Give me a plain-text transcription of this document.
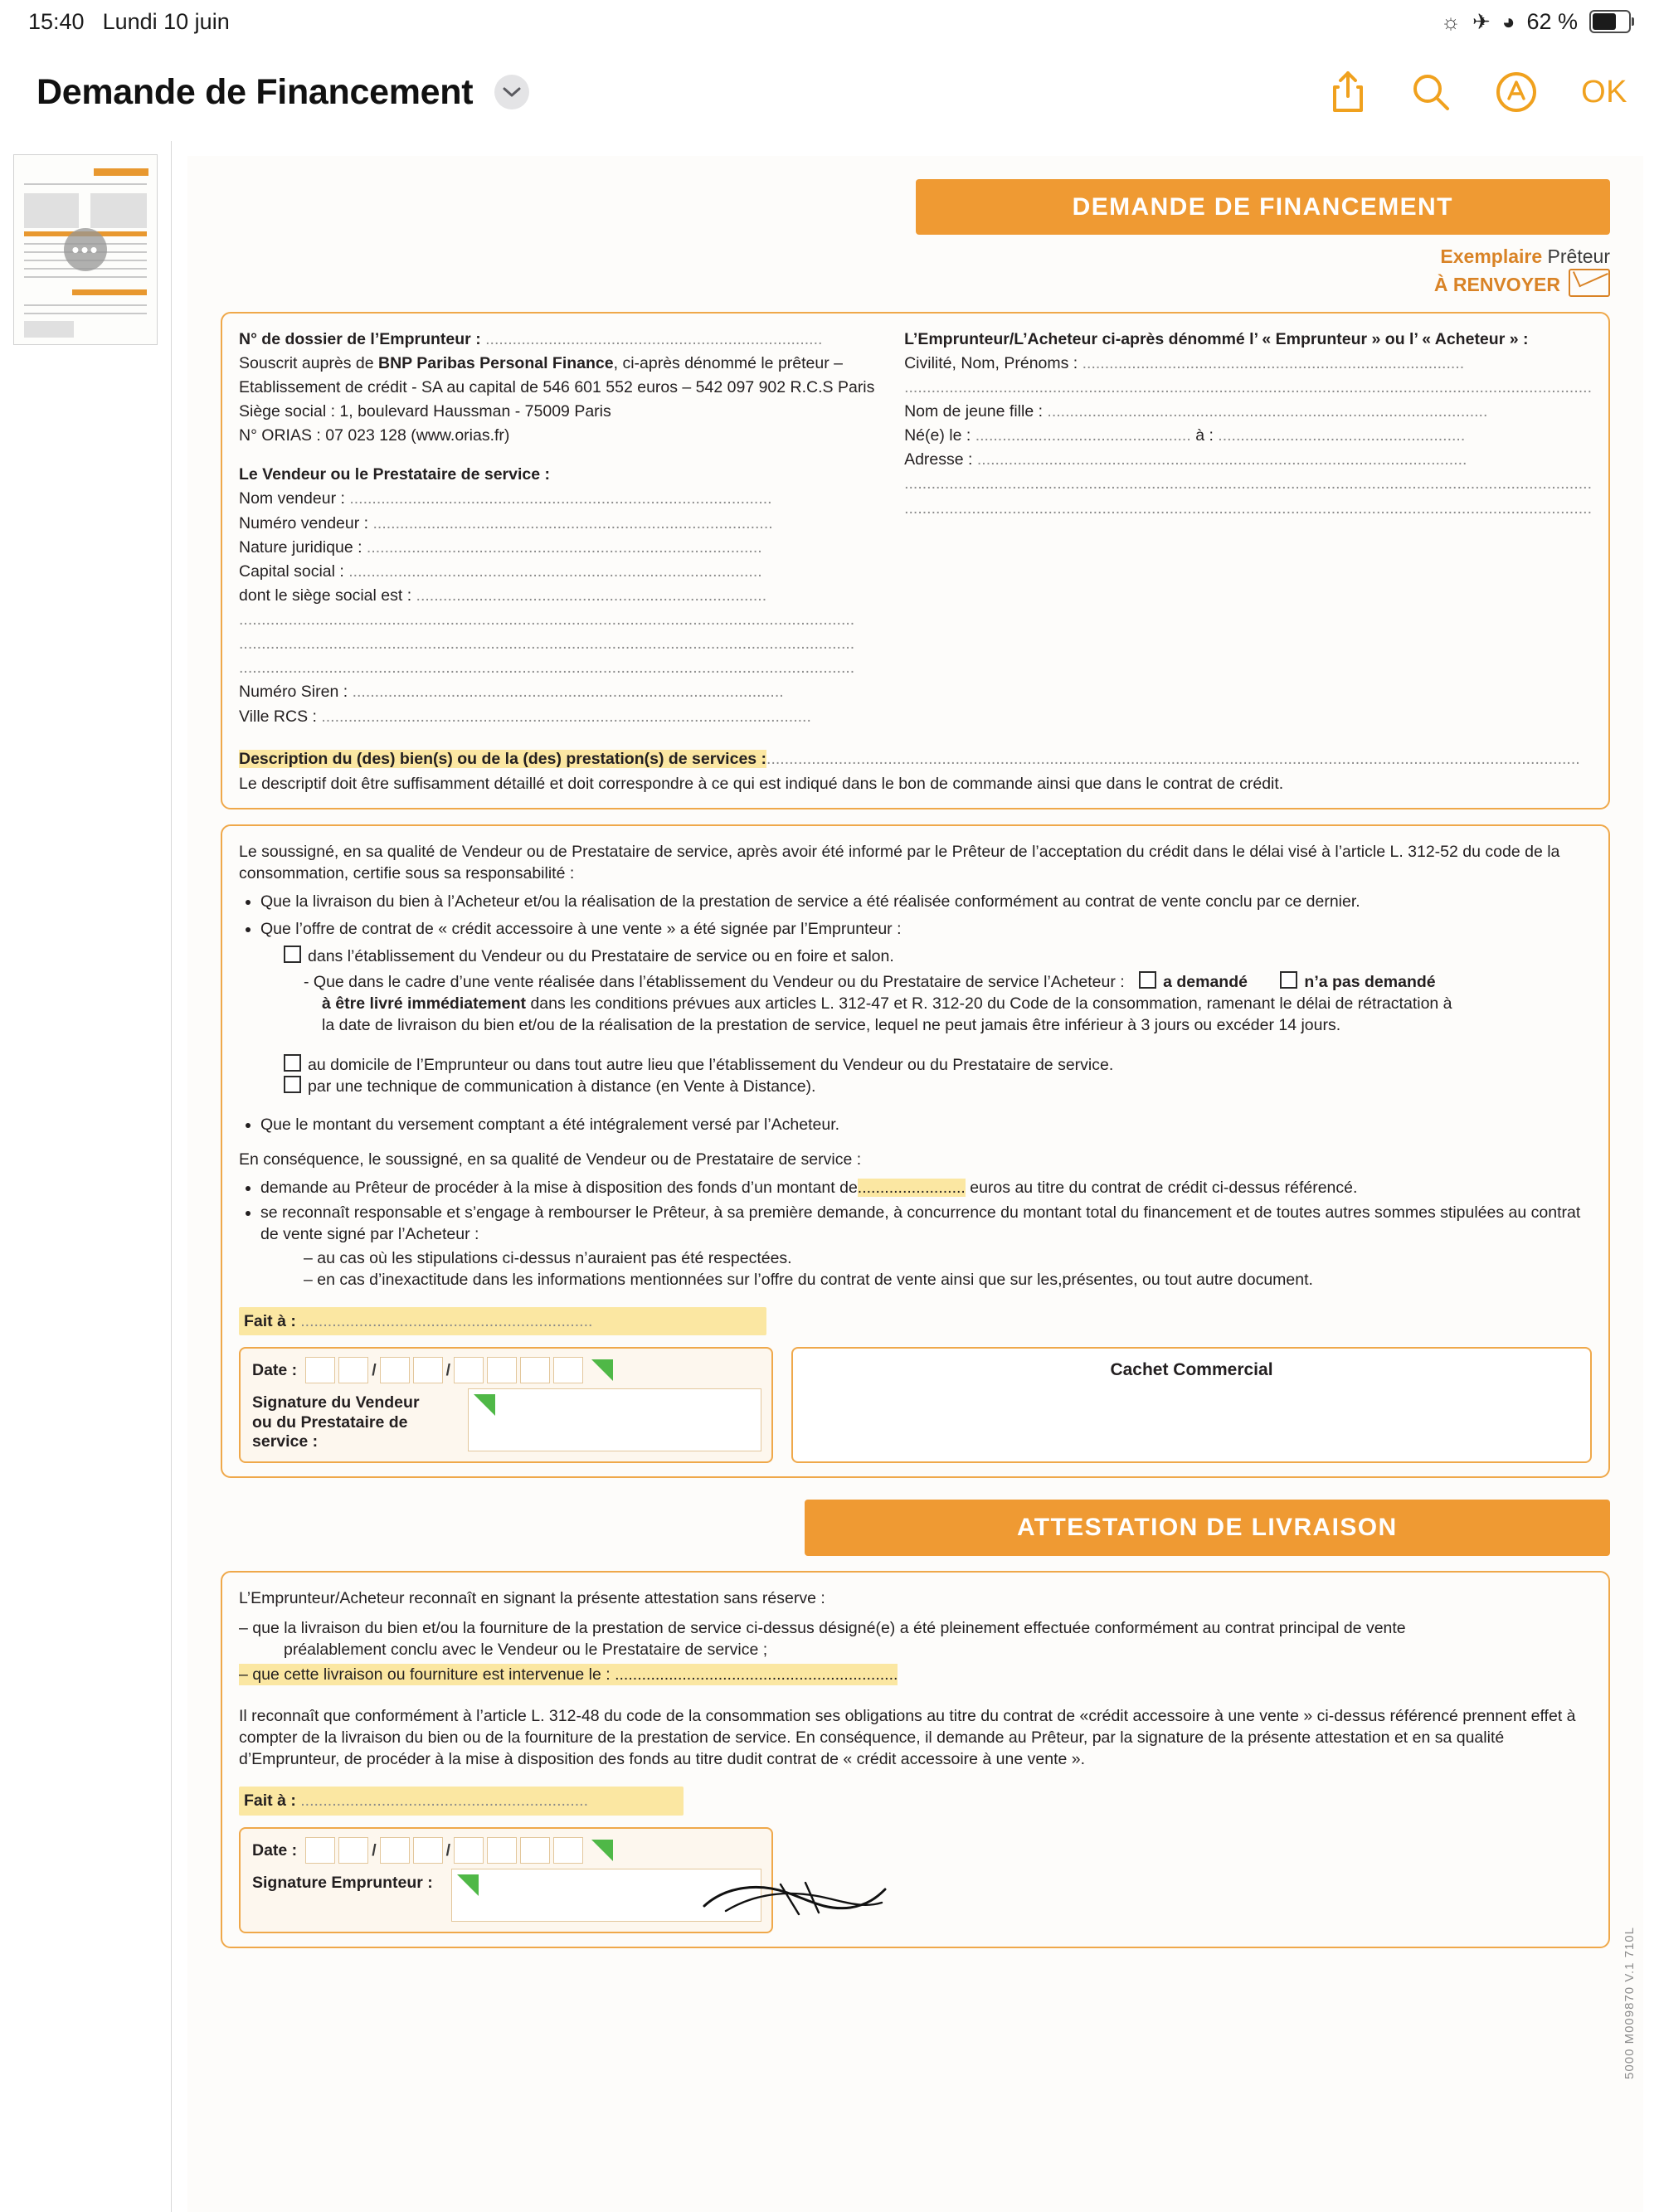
15:40 Lundi 10 juin	☼ ✈ ◕ 62 %
Demande de Financement	OK
•••
DEMANDE DE FINANCEMENT
Exemplaire Prêteur
À RENVOYER
N° de dossier de l’Emprunteur : ...........................................................................
Souscrit auprès de BNP Paribas Personal Finance, ci-après dénommé le prêteur –
Etablissement de crédit - SA au capital de 546 601 552 euros – 542 097 902 R.C.S Paris
Siège social : 1, boulevard Haussman - 75009 Paris
N° ORIAS : 07 023 128 (www.orias.fr)
Le Vendeur ou le Prestataire de service :
Nom vendeur : ..............................................................................................
Numéro vendeur : .........................................................................................
Nature juridique : ........................................................................................
Capital social : ............................................................................................
dont le siège social est : ..............................................................................
.........................................................................................................................................
.........................................................................................................................................
.........................................................................................................................................
Numéro Siren : ................................................................................................
Ville RCS : .............................................................................................................
L’Emprunteur/L’Acheteur ci-après dénommé l’ « Emprunteur » ou l’ « Acheteur » :
Civilité, Nom, Prénoms : .....................................................................................
.........................................................................................................................................................
Nom de jeune fille : ..................................................................................................
Né(e) le : ................................................ à : .......................................................
Adresse : .............................................................................................................
.........................................................................................................................................................
.........................................................................................................................................................
Description du (des) bien(s) ou de la (des) prestation(s) de services :.....................................................................................................................................................................................
Le descriptif doit être suffisamment détaillé et doit correspondre à ce qui est indiqué dans le bon de commande ainsi que dans le contrat de crédit.
Le soussigné, en sa qualité de Vendeur ou de Prestataire de service, après avoir été informé par le Prêteur de l’acceptation du crédit dans le délai visé à l’article L. 312-52 du code de la consommation, certifie sous sa responsabilité :
• Que la livraison du bien à l’Acheteur et/ou la réalisation de la prestation de service a été réalisée conformément au contrat de vente conclu par ce dernier.
• Que l’offre de contrat de « crédit accessoire à une vente » a été signée par l’Emprunteur :
dans l’établissement du Vendeur ou du Prestataire de service ou en foire et salon.
- Que dans le cadre d’une vente réalisée dans l’établissement du Vendeur ou du Prestataire de service l’Acheteur : a demandé	n’a pas demandé
à être livré immédiatement dans les conditions prévues aux articles L. 312-47 et R. 312-20 du Code de la consommation, ramenant le délai de rétractation à
la date de livraison du bien et/ou de la réalisation de la prestation de service, lequel ne peut jamais être inférieur à 3 jours ou excéder 14 jours.
au domicile de l’Emprunteur ou dans tout autre lieu que l’établissement du Vendeur ou du Prestataire de service.
par une technique de communication à distance (en Vente à Distance).
• Que le montant du versement comptant a été intégralement versé par l’Acheteur.
En conséquence, le soussigné, en sa qualité de Vendeur ou de Prestataire de service :
• demande au Prêteur de procéder à la mise à disposition des fonds d’un montant de........................ euros au titre du contrat de crédit ci-dessus référencé.
• se reconnaît responsable et s’engage à rembourser le Prêteur, à sa première demande, à concurrence du montant total du financement et de toutes autres sommes stipulées au contrat de vente signé par l’Acheteur :
– au cas où les stipulations ci-dessus n’auraient pas été respectées.
– en cas d’inexactitude dans les informations mentionnées sur l’offre du contrat de vente ainsi que sur les,présentes, ou tout autre document.
Fait à : .................................................................
Date :	/	/
Signature du Vendeur
ou du Prestataire de service :
Cachet Commercial
ATTESTATION DE LIVRAISON
L’Emprunteur/Acheteur reconnaît en signant la présente attestation sans réserve :
– que la livraison du bien et/ou la fourniture de la prestation de service ci-dessus désigné(e) a été pleinement effectuée conformément au contrat principal de vente
préalablement conclu avec le Vendeur ou le Prestataire de service ;
– que cette livraison ou fourniture est intervenue le : ...............................................................
Il reconnaît que conformément à l’article L. 312-48 du code de la consommation ses obligations au titre du contrat de «crédit accessoire à une vente » ci-dessus référencé prennent effet à compter de la livraison du bien ou de la fourniture de la prestation de service. En conséquence, il demande au Prêteur, par la signature de la présente attestation et en sa qualité d’Emprunteur, de procéder à la mise à disposition des fonds au titre dudit contrat de « crédit accessoire à une vente ».
Fait à : ................................................................
Date :	/	/
Signature Emprunteur :
5000 M009870 V.1 710L
